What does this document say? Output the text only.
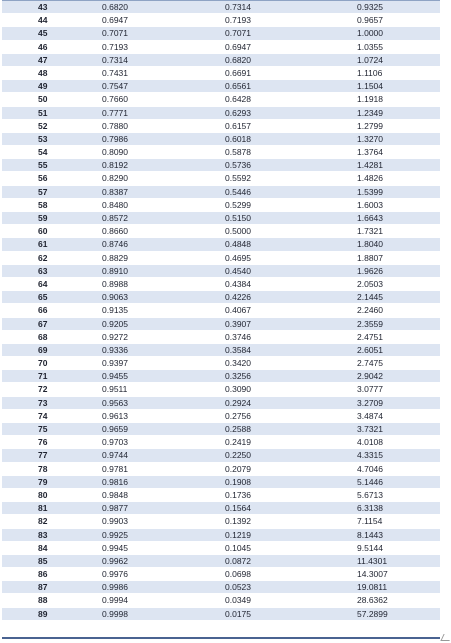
43	0.6820	0.7314	0.9325
44	0.6947	0.7193	0.9657
45	0.7071	0.7071	1.0000
46	0.7193	0.6947	1.0355
47	0.7314	0.6820	1.0724
48	0.7431	0.6691	1.1106
49	0.7547	0.6561	1.1504
50	0.7660	0.6428	1.1918
51	0.7771	0.6293	1.2349
52	0.7880	0.6157	1.2799
53	0.7986	0.6018	1.3270
54	0.8090	0.5878	1.3764
55	0.8192	0.5736	1.4281
56	0.8290	0.5592	1.4826
57	0.8387	0.5446	1.5399
58	0.8480	0.5299	1.6003
59	0.8572	0.5150	1.6643
60	0.8660	0.5000	1.7321
61	0.8746	0.4848	1.8040
62	0.8829	0.4695	1.8807
63	0.8910	0.4540	1.9626
64	0.8988	0.4384	2.0503
65	0.9063	0.4226	2.1445
66	0.9135	0.4067	2.2460
67	0.9205	0.3907	2.3559
68	0.9272	0.3746	2.4751
69	0.9336	0.3584	2.6051
70	0.9397	0.3420	2.7475
71	0.9455	0.3256	2.9042
72	0.9511	0.3090	3.0777
73	0.9563	0.2924	3.2709
74	0.9613	0.2756	3.4874
75	0.9659	0.2588	3.7321
76	0.9703	0.2419	4.0108
77	0.9744	0.2250	4.3315
78	0.9781	0.2079	4.7046
79	0.9816	0.1908	5.1446
80	0.9848	0.1736	5.6713
81	0.9877	0.1564	6.3138
82	0.9903	0.1392	7.1154
83	0.9925	0.1219	8.1443
84	0.9945	0.1045	9.5144
85	0.9962	0.0872	11.4301
86	0.9976	0.0698	14.3007
87	0.9986	0.0523	19.0811
88	0.9994	0.0349	28.6362
89	0.9998	0.0175	57.2899
